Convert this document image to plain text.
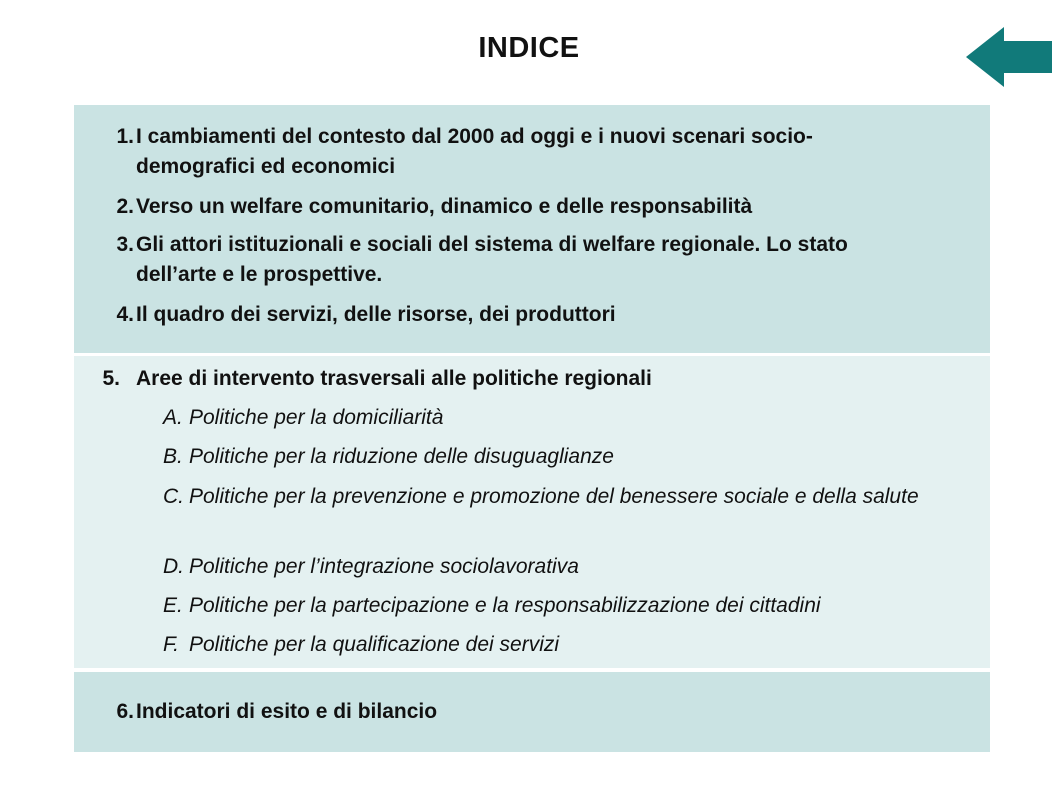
INDICE
1. I cambiamenti del contesto dal 2000 ad oggi e i nuovi scenari socio-demografici ed economici
2. Verso un welfare comunitario, dinamico e delle responsabilità
3. Gli attori istituzionali e sociali del sistema di welfare regionale. Lo stato dell’arte e le prospettive.
4. Il quadro dei servizi, delle risorse, dei produttori
5. Aree di intervento trasversali alle politiche regionali
A. Politiche per la domiciliarità
B. Politiche per la riduzione delle disuguaglianze
C. Politiche per la prevenzione e promozione del benessere sociale e della salute
D. Politiche per l’integrazione sociolavorativa
E. Politiche per la partecipazione e la responsabilizzazione dei cittadini
F. Politiche per la qualificazione dei servizi
6. Indicatori di esito e di bilancio
